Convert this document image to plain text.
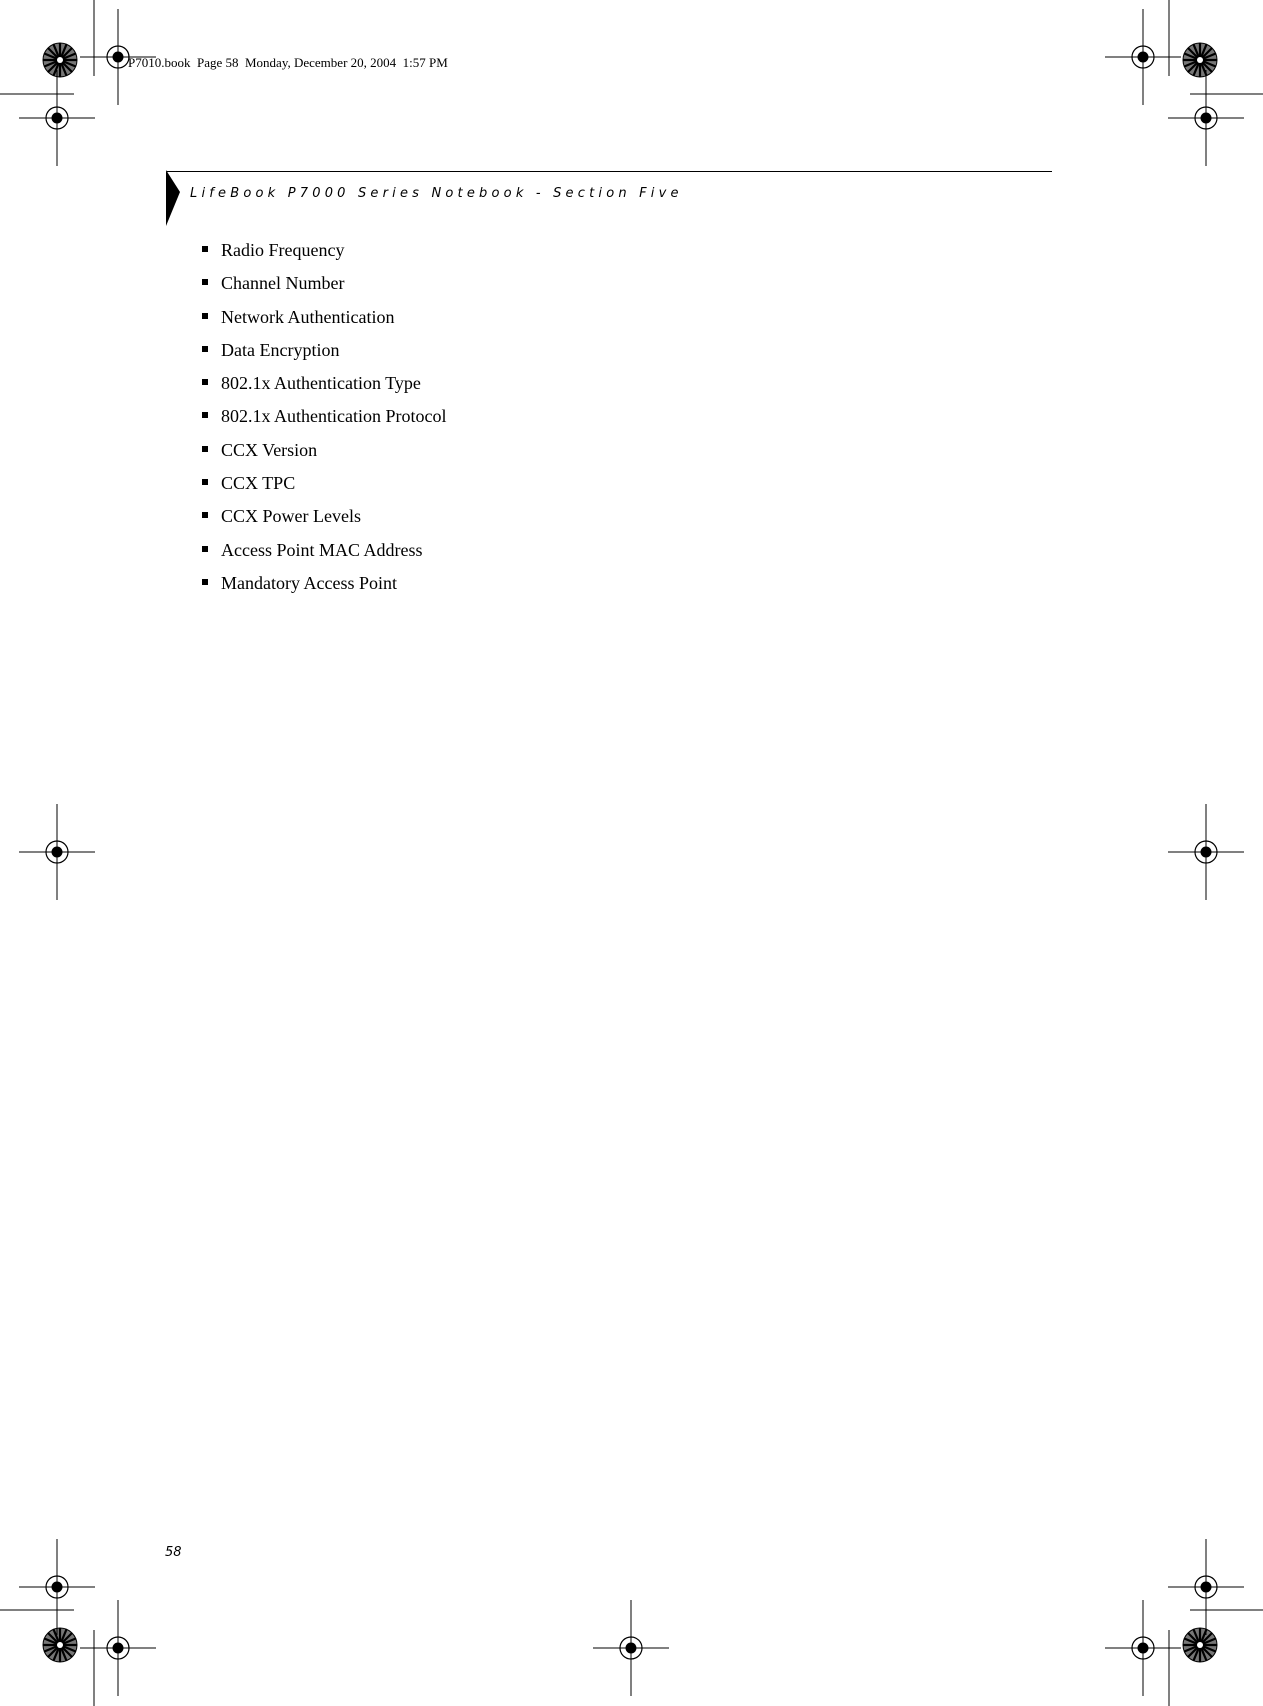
P7010.book  Page 58  Monday, December 20, 2004  1:57 PM
LifeBook P7000 Series Notebook - Section Five
Radio Frequency
Channel Number
Network Authentication
Data Encryption
802.1x Authentication Type
802.1x Authentication Protocol
CCX Version
CCX TPC
CCX Power Levels
Access Point MAC Address
Mandatory Access Point
58
